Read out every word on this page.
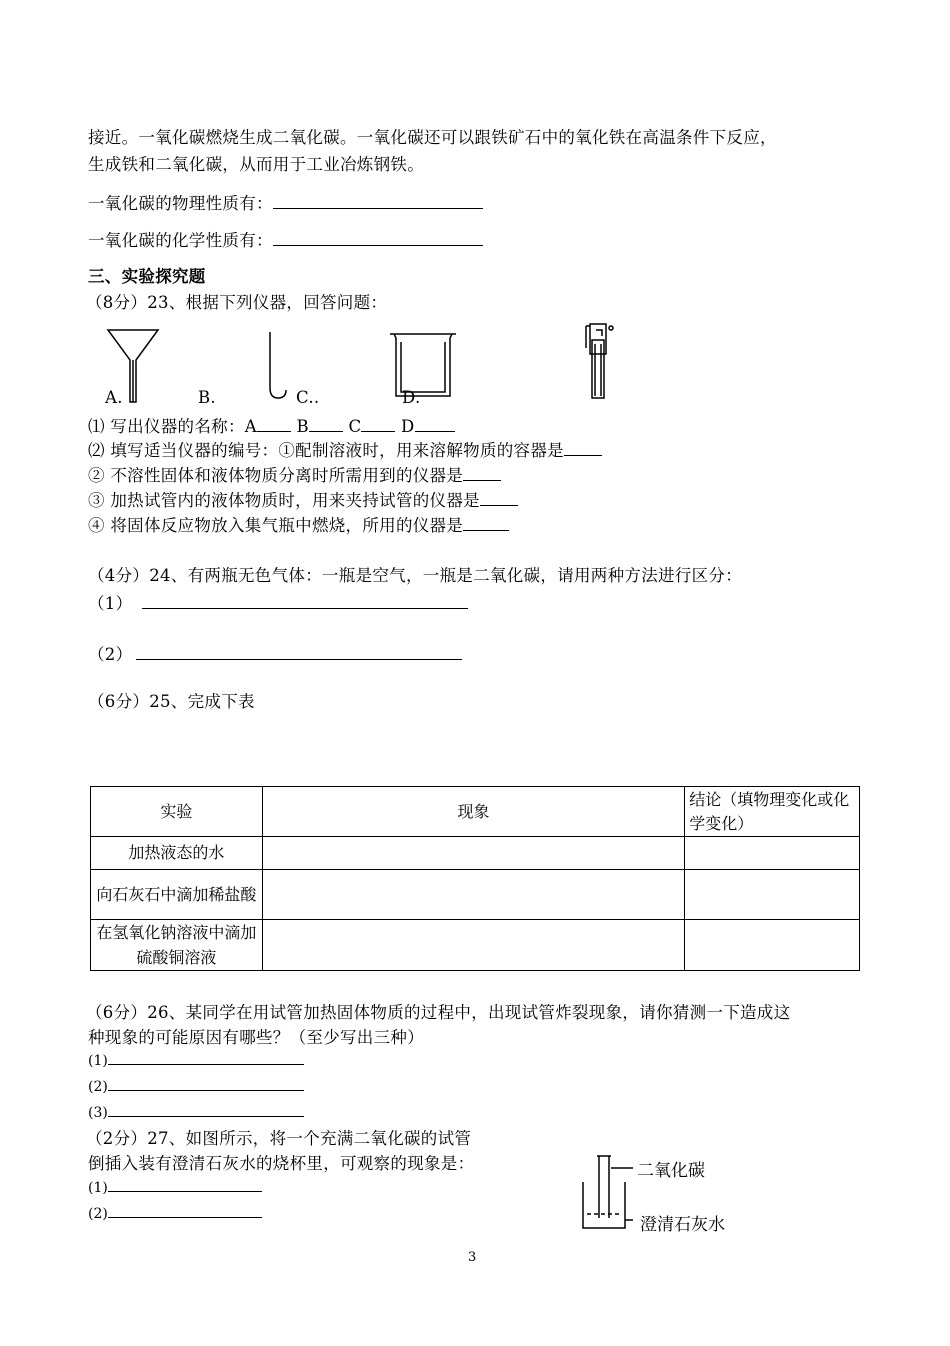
接近。一氧化碳燃烧生成二氧化碳。一氧化碳还可以跟铁矿石中的氧化铁在高温条件下反应，
生成铁和二氧化碳，从而用于工业冶炼钢铁。
一氧化碳的物理性质有：
一氧化碳的化学性质有：
三、实验探究题
（8分）23、根据下列仪器，回答问题：
A.	B.	C..	D.
⑴ 写出仪器的名称：A B C D
⑵ 填写适当仪器的编号：①配制溶液时，用来溶解物质的容器是
② 不溶性固体和液体物质分离时所需用到的仪器是
③ 加热试管内的液体物质时，用来夹持试管的仪器是
④ 将固体反应物放入集气瓶中燃烧，所用的仪器是
（4分）24、有两瓶无色气体：一瓶是空气，一瓶是二氧化碳，请用两种方法进行区分：
（1）
（2）
（6分）25、完成下表
实验	现象	结论（填物理变化或化学变化）
加热液态的水		
向石灰石中滴加稀盐酸		
在氢氧化钠溶液中滴加硫酸铜溶液		
（6分）26、某同学在用试管加热固体物质的过程中，出现试管炸裂现象，请你猜测一下造成这
种现象的可能原因有哪些？（至少写出三种）
(1)
(2)
(3)
（2分）27、如图所示，将一个充满二氧化碳的试管
倒插入装有澄清石灰水的烧杯里，可观察的现象是：
(1)
(2)
二氧化碳
澄清石灰水
3
